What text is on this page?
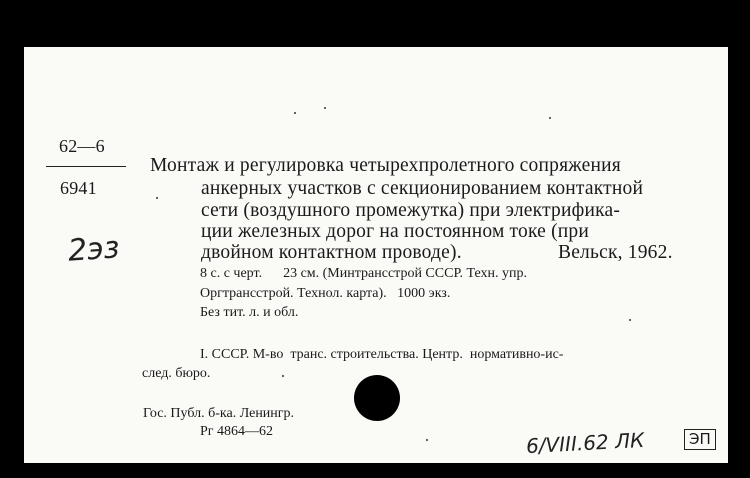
62—6
6941
2эз
Монтаж и регулировка четырехпролетного сопряжения
анкерных участков с секционированием контактной
сети (воздушного промежутка) при электрифика-
ции железных дорог на постоянном токе (при
двойном контактном проводе).	Вельск, 1962.
8 с. с черт.      23 см. (Минтрансстрой СССР. Техн. упр.
Оргтрансстрой. Технол. карта).   1000 экз.
Без тит. л. и обл.
I. СССР. М-во  транс. строительства. Центр.  нормативно-ис-
след. бюро.
Гос. Публ. б-ка. Ленингр.
Рг 4864—62	6/VIII.62 ЛК	ЭП
